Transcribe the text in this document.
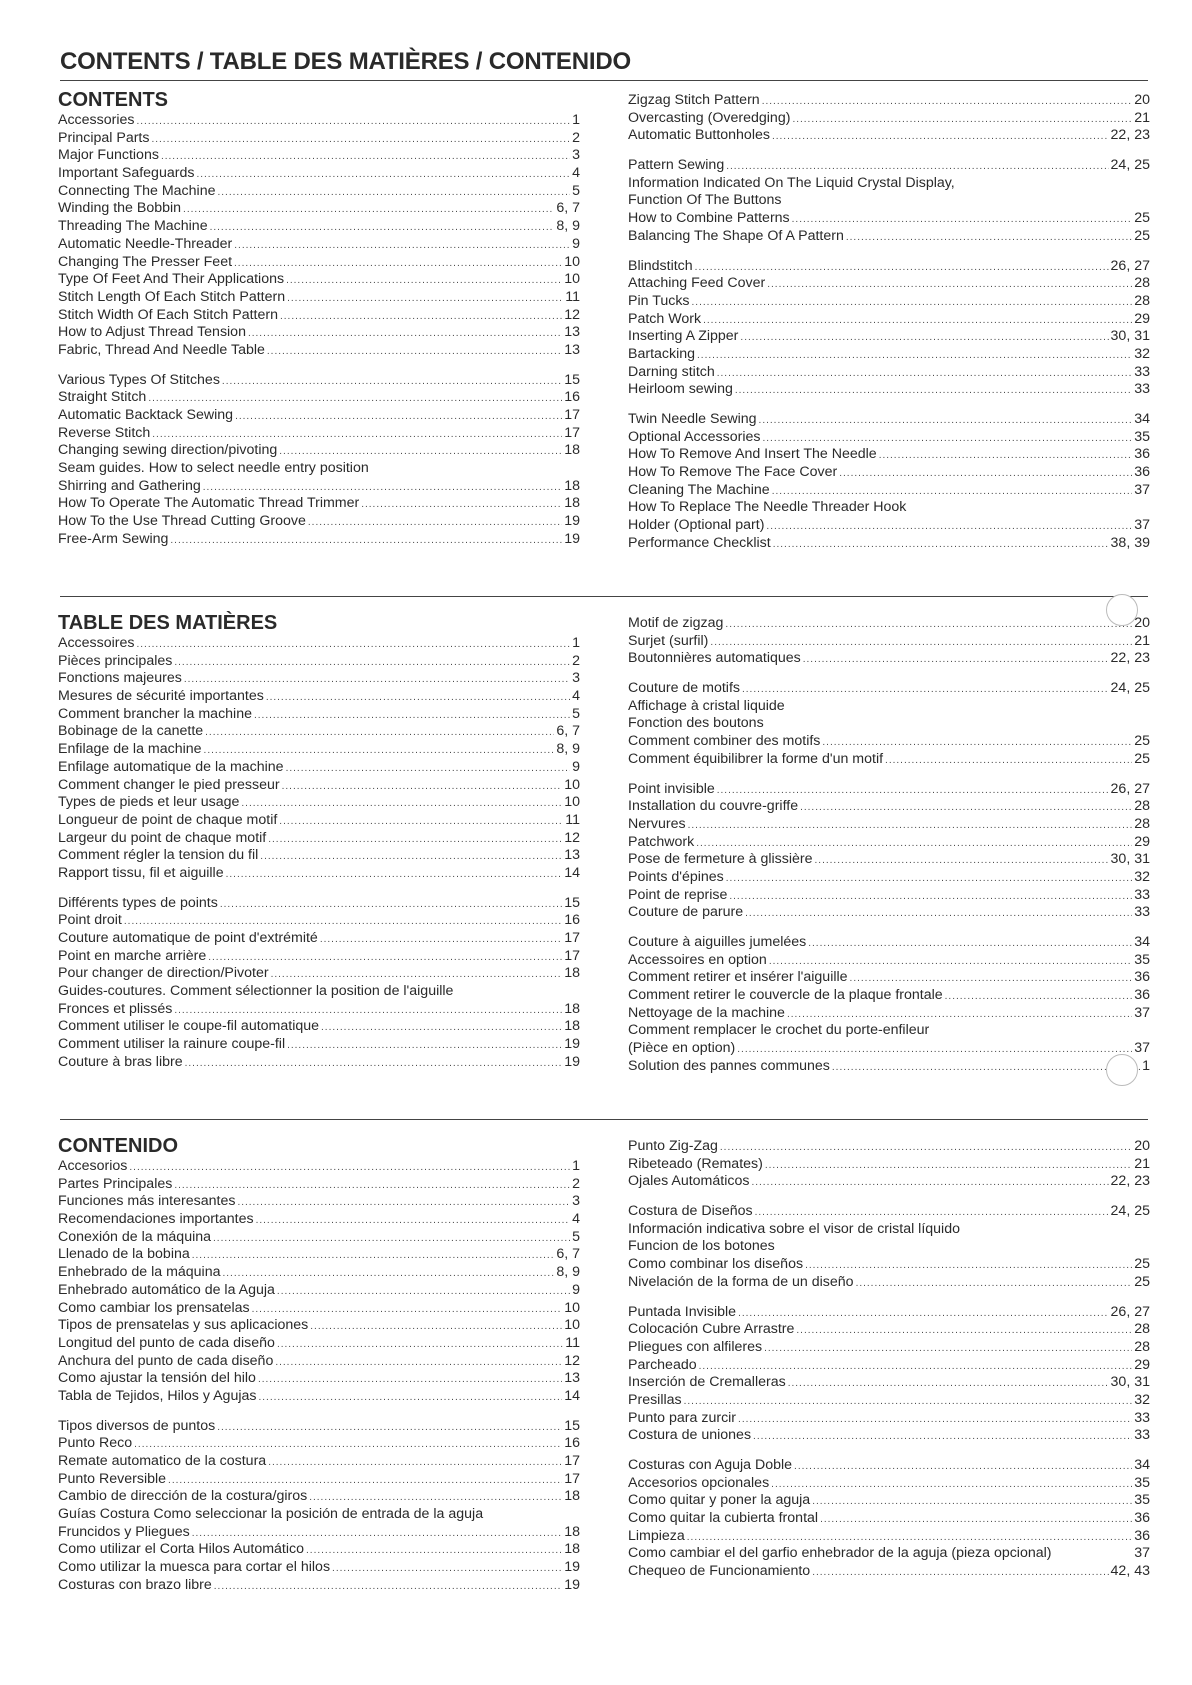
CONTENTS / TABLE DES MATIÈRES / CONTENIDO
CONTENTS
Accessories .....	1
Principal Parts .....	2
Major Functions .....	3
Important Safeguards .....	4
Connecting The Machine .....	5
Winding the Bobbin .....	6, 7
Threading The Machine .....	8, 9
Automatic Needle-Threader .....	9
Changing The Presser Feet .....	10
Type Of Feet And Their Applications .....	10
Stitch Length Of Each Stitch Pattern .....	11
Stitch Width Of Each Stitch Pattern .....	12
How to Adjust Thread Tension .....	13
Fabric, Thread And Needle Table .....	13
Various Types Of Stitches .....	15
Straight Stitch .....	16
Automatic Backtack Sewing .....	17
Reverse Stitch .....	17
Changing sewing direction/pivoting .....	18
Seam guides. How to select needle entry position
Shirring and Gathering .....	18
How To Operate The Automatic Thread Trimmer .....	18
How To the Use Thread Cutting Groove .....	19
Free-Arm Sewing .....	19
Zigzag Stitch Pattern .....	20
Overcasting (Overedging) .....	21
Automatic Buttonholes .....	22, 23
Pattern Sewing .....	24, 25
Information Indicated On The Liquid Crystal Display,
Function Of The Buttons
How to Combine Patterns .....	25
Balancing The Shape Of A Pattern .....	25
Blindstitch .....	26, 27
Attaching Feed Cover .....	28
Pin Tucks .....	28
Patch Work .....	29
Inserting A Zipper .....	30, 31
Bartacking .....	32
Darning stitch .....	33
Heirloom sewing .....	33
Twin Needle Sewing .....	34
Optional Accessories .....	35
How To Remove And Insert The Needle .....	36
How To Remove The Face Cover .....	36
Cleaning The Machine .....	37
How To Replace The Needle Threader Hook
Holder (Optional part) .....	37
Performance Checklist .....	38, 39
TABLE DES MATIÈRES
Accessoires .....	1
Pièces principales .....	2
Fonctions majeures .....	3
Mesures de sécurité importantes .....	4
Comment brancher la machine .....	5
Bobinage de la canette .....	6, 7
Enfilage de la machine .....	8, 9
Enfilage automatique de la machine .....	9
Comment changer le pied presseur .....	10
Types de pieds et leur usage .....	10
Longueur de point de chaque motif .....	11
Largeur du point de chaque motif .....	12
Comment régler la tension du fil .....	13
Rapport tissu, fil et aiguille .....	14
Différents types de points .....	15
Point droit .....	16
Couture automatique de point d'extrémité .....	17
Point en marche arrière .....	17
Pour changer de direction/Pivoter .....	18
Guides-coutures. Comment sélectionner la position de l'aiguille
Fronces et plissés .....	18
Comment utiliser le coupe-fil automatique .....	18
Comment utiliser la rainure coupe-fil .....	19
Couture à bras libre .....	19
Motif de zigzag .....	20
Surjet (surfil) .....	21
Boutonnières automatiques .....	22, 23
Couture de motifs .....	24, 25
Affichage à cristal liquide
Fonction des boutons
Comment combiner des motifs .....	25
Comment équibilibrer la forme d'un motif .....	25
Point invisible .....	26, 27
Installation du couvre-griffe .....	28
Nervures .....	28
Patchwork .....	29
Pose de fermeture à glissière .....	30, 31
Points d'épines .....	32
Point de reprise .....	33
Couture de parure .....	33
Couture à aiguilles jumelées .....	34
Accessoires en option .....	35
Comment retirer et insérer l'aiguille .....	36
Comment retirer le couvercle de la plaque frontale .....	36
Nettoyage de la machine .....	37
Comment remplacer le crochet du porte-enfileur
(Pièce en option) .....	37
Solution des pannes communes .....	1
CONTENIDO
Accesorios .....	1
Partes Principales .....	2
Funciones más interesantes .....	3
Recomendaciones importantes .....	4
Conexión de la máquina .....	5
Llenado de la bobina .....	6, 7
Enhebrado de la máquina .....	8, 9
Enhebrado automático de la Aguja .....	9
Como cambiar los prensatelas .....	10
Tipos de prensatelas y sus aplicaciones .....	10
Longitud del punto de cada diseño .....	11
Anchura del punto de cada diseño .....	12
Como ajustar la tensión del hilo .....	13
Tabla de Tejidos, Hilos y Agujas .....	14
Tipos diversos de puntos .....	15
Punto Reco .....	16
Remate automatico de la costura .....	17
Punto Reversible .....	17
Cambio de dirección de la costura/giros .....	18
Guías Costura Como seleccionar la posición de entrada de la aguja
Fruncidos y Pliegues .....	18
Como utilizar el Corta Hilos Automático .....	18
Como utilizar la muesca para cortar el hilos .....	19
Costuras con brazo libre .....	19
Punto Zig-Zag .....	20
Ribeteado (Remates) .....	21
Ojales Automáticos .....	22, 23
Costura de Diseños .....	24, 25
Información indicativa sobre el visor de cristal líquido
Funcion de los botones
Como combinar los diseños .....	25
Nivelación de la forma de un diseño .....	25
Puntada Invisible .....	26, 27
Colocación Cubre Arrastre .....	28
Pliegues con alfileres .....	28
Parcheado .....	29
Inserción de Cremalleras .....	30, 31
Presillas .....	32
Punto para zurcir .....	33
Costura de uniones .....	33
Costuras con Aguja Doble .....	34
Accesorios opcionales .....	35
Como quitar y poner la aguja .....	35
Como quitar la cubierta frontal .....	36
Limpieza .....	36
Como cambiar el del garfio enhebrador de la aguja (pieza opcional)	37
Chequeo de Funcionamiento .....	42, 43
